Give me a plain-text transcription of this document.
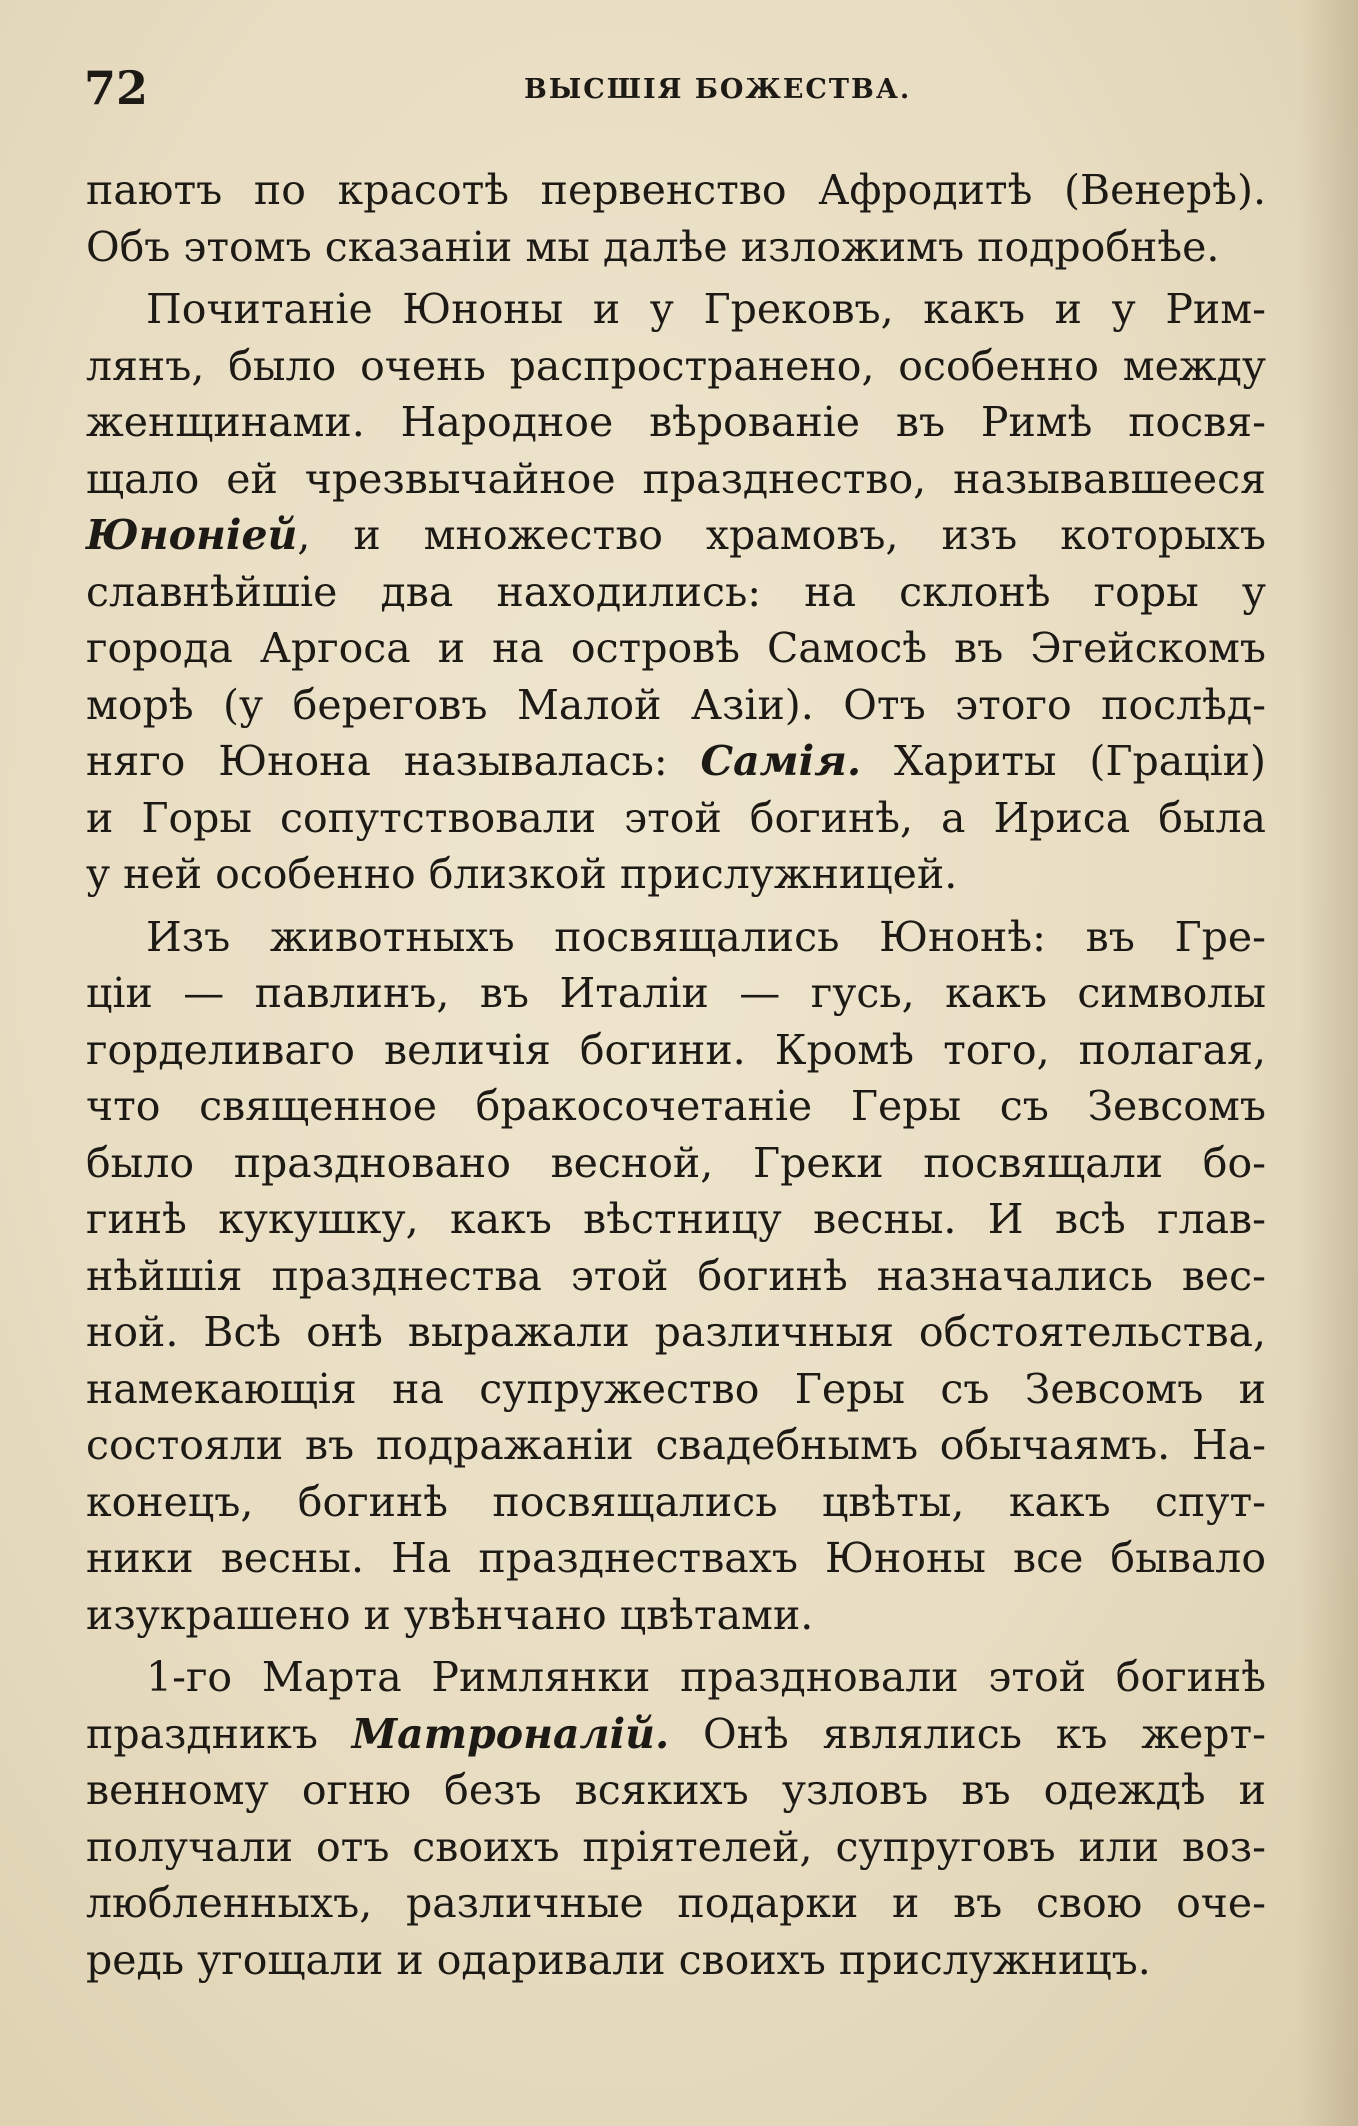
72	ВЫСШІЯ БОЖЕСТВА.
паютъ по красотѣ первенство Афродитѣ (Венерѣ).
Объ этомъ сказаніи мы далѣе изложимъ подробнѣе.
Почитаніе Юноны и у Грековъ, какъ и у Рим-
лянъ, было очень распространено, особенно между
женщинами. Народное вѣрованіе въ Римѣ посвя-
щало ей чрезвычайное празднество, называвшееся
Юноніей, и множество храмовъ, изъ которыхъ
славнѣйшіе два находились: на склонѣ горы у
города Аргоса и на островѣ Самосѣ въ Эгейскомъ
морѣ (у береговъ Малой Азіи). Отъ этого послѣд-
няго Юнона называлась: Самія. Хариты (Граціи)
и Горы сопутствовали этой богинѣ, а Ириса была
у ней особенно близкой прислужницей.
Изъ животныхъ посвящались Юнонѣ: въ Гре-
ціи — павлинъ, въ Италіи — гусь, какъ символы
горделиваго величія богини. Кромѣ того, полагая,
что священное бракосочетаніе Геры съ Зевсомъ
было праздновано весной, Греки посвящали бо-
гинѣ кукушку, какъ вѣстницу весны. И всѣ глав-
нѣйшія празднества этой богинѣ назначались вес-
ной. Всѣ онѣ выражали различныя обстоятельства,
намекающія на супружество Геры съ Зевсомъ и
состояли въ подражаніи свадебнымъ обычаямъ. На-
конецъ, богинѣ посвящались цвѣты, какъ спут-
ники весны. На празднествахъ Юноны все бывало
изукрашено и увѣнчано цвѣтами.
1-го Марта Римлянки праздновали этой богинѣ
праздникъ Матроналій. Онѣ являлись къ жерт-
венному огню безъ всякихъ узловъ въ одеждѣ и
получали отъ своихъ пріятелей, супруговъ или воз-
любленныхъ, различные подарки и въ свою оче-
редь угощали и одаривали своихъ прислужницъ.
